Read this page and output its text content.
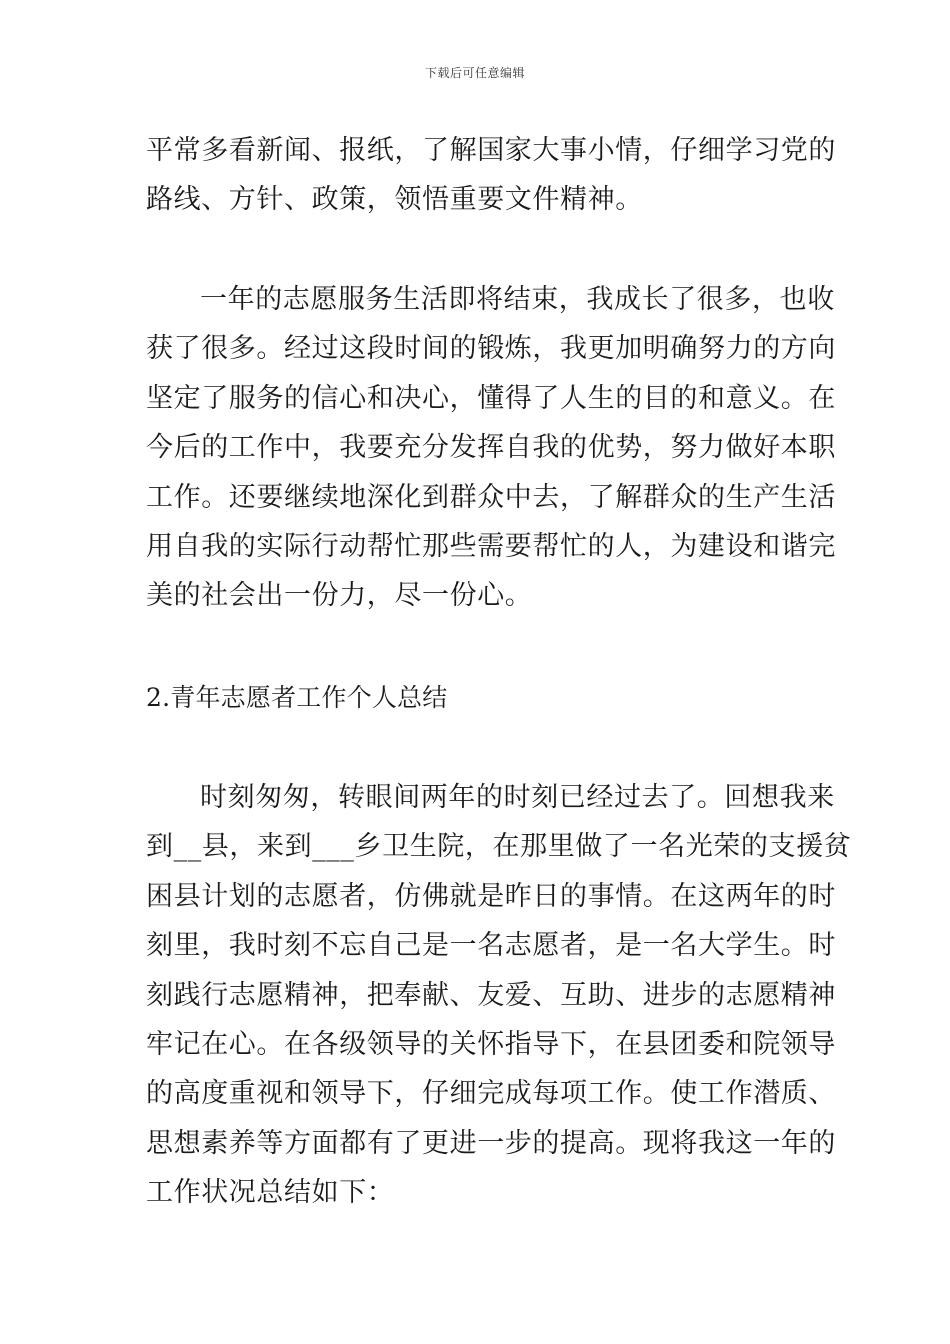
下载后可任意编辑
平常多看新闻、报纸，了解国家大事小情，仔细学习党的
路线、方针、政策，领悟重要文件精神。
一年的志愿服务生活即将结束，我成长了很多，也收
获了很多。经过这段时间的锻炼，我更加明确努力的方向
坚定了服务的信心和决心，懂得了人生的目的和意义。在
今后的工作中，我要充分发挥自我的优势，努力做好本职
工作。还要继续地深化到群众中去，了解群众的生产生活
用自我的实际行动帮忙那些需要帮忙的人，为建设和谐完
美的社会出一份力，尽一份心。
2.青年志愿者工作个人总结
时刻匆匆，转眼间两年的时刻已经过去了。回想我来
到__县，来到___乡卫生院，在那里做了一名光荣的支援贫
困县计划的志愿者，仿佛就是昨日的事情。在这两年的时
刻里，我时刻不忘自己是一名志愿者，是一名大学生。时
刻践行志愿精神，把奉献、友爱、互助、进步的志愿精神
牢记在心。在各级领导的关怀指导下，在县团委和院领导
的高度重视和领导下，仔细完成每项工作。使工作潜质、
思想素养等方面都有了更进一步的提高。现将我这一年的
工作状况总结如下：
